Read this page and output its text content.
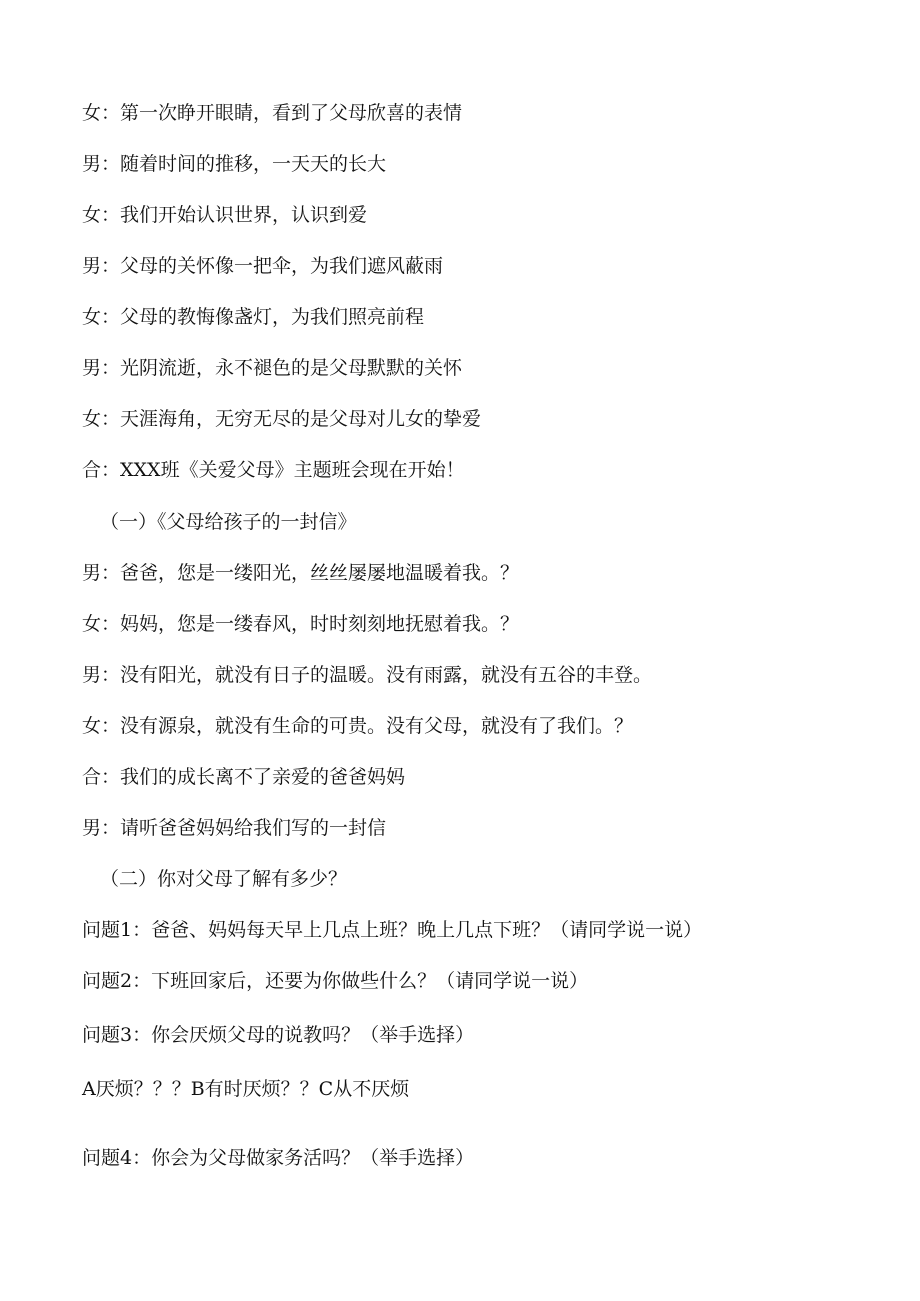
女：第一次睁开眼睛，看到了父母欣喜的表情

男：随着时间的推移，一天天的长大

女：我们开始认识世界，认识到爱

男：父母的关怀像一把伞，为我们遮风蔽雨

女：父母的教悔像盏灯，为我们照亮前程

男：光阴流逝，永不褪色的是父母默默的关怀

女：天涯海角，无穷无尽的是父母对儿女的挚爱

合：XXX班《关爱父母》主题班会现在开始！

（一）《父母给孩子的一封信》

男：爸爸，您是一缕阳光，丝丝屡屡地温暖着我。？

女：妈妈，您是一缕春风，时时刻刻地抚慰着我。？

男：没有阳光，就没有日子的温暖。没有雨露，就没有五谷的丰登。

女：没有源泉，就没有生命的可贵。没有父母，就没有了我们。？

合：我们的成长离不了亲爱的爸爸妈妈

男：请听爸爸妈妈给我们写的一封信

（二）你对父母了解有多少？

问题1：爸爸、妈妈每天早上几点上班？晚上几点下班？（请同学说一说）

问题2：下班回家后，还要为你做些什么？（请同学说一说）

问题3：你会厌烦父母的说教吗？（举手选择）

A厌烦？？？B有时厌烦？？C从不厌烦

问题4：你会为父母做家务活吗？（举手选择）
